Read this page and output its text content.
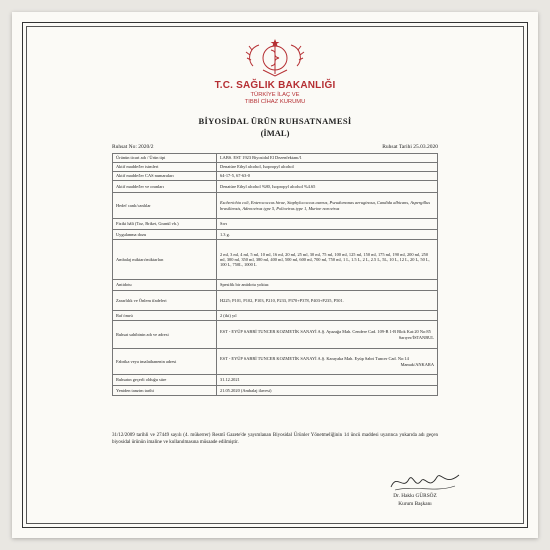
T.C. SAĞLIK BAKANLIĞI
TÜRKİYE İLAÇ VE
TIBBİ CİHAZ KURUMU
BİYOSİDAL ÜRÜN RUHSATNAMESİ
(İMAL)
Ruhsat No: 2020/2	Ruhsat Tarihi 25.03.2020
Ürünün ticari adı / Ürün tipi	LABS. EST 1923 Biyosidal El Dezenfektanı/1
Aktif madde/ler isimleri	Denatüre Ethyl alcohol, Isopropyl alcohol
Aktif madde/ler CAS numaraları	64-17-5, 67-63-0
Aktif madde/ler ve oranları	Denatüre Ethyl alcohol %80, Isopropyl alcohol %4.65
Hedef canlı/canlılar	Escherichia coli, Enterococcus hirae, Staphylococcus aureus, Pseudomonas aeruginosa, Candida albicans, Aspergillus brasiliensis, Adenovirus type 5, Poliovirus type 1, Murine norovirus
Fiziki hâli (Toz, Briket, Granül vb.)	Sıvı
Uygulanma dozu	1.3 g.
Ambalaj miktarı/miktarları	2 ml, 3 ml, 4 ml, 5 ml, 10 ml, 16 ml, 20 ml, 25 ml, 30 ml, 75 ml, 100 ml, 125 ml, 150 ml, 175 ml, 190 ml, 200 ml, 250 ml, 300 ml, 350 ml, 380 ml, 400 ml, 500 ml, 600 ml, 700 ml, 750 ml, 1 L, 1.5 L, 2 L, 2.5 L, 5L, 10 L, 12 L, 20 L, 50 L, 100 L, 750L, 1000 L
Antidotu	Spesifik bir antidotu yoktur.
Zararlılık ve Önlem ifadeleri	H225; P101, P102, P103, P210, P233, P370+P378, P403+P235, P501.
Raf ömrü	2 (iki) yıl
Ruhsat sahibinin adı ve adresi	EST - EYÜP SABRİ TUNCER KOZMETİK SANAYİ A.Ş. Ayazağa Mah. Cendere Cad. 109-B 1-B Blok Kat:20 No:85
Sarıyer/İSTANBUL

Fabrika veya imalathanenin adresi	EST - EYÜP SABRİ TUNCER KOZMETİK SANAYİ A.Ş. Karayaka Mah. Eyüp Sabri Tuncer Cad. No:14
Mamak/ANKARA

Ruhsatın geçerli olduğu süre	31.12.2021
Yeniden tanzim tarihi	21.05.2020 (Ambalaj ilavesi)
31/12/2009 tarihli ve 27449 sayılı (4. mükerrer) Resmî Gazete'de yayımlanan Biyosidal Ürünler Yönetmeliğinin 14 üncü maddesi uyarınca yukarıda adı geçen biyosidal ürünün imaline ve kullanılmasına müsaade edilmiştir.
Dr. Hakkı GÜRSÖZ
Kurum Başkanı
